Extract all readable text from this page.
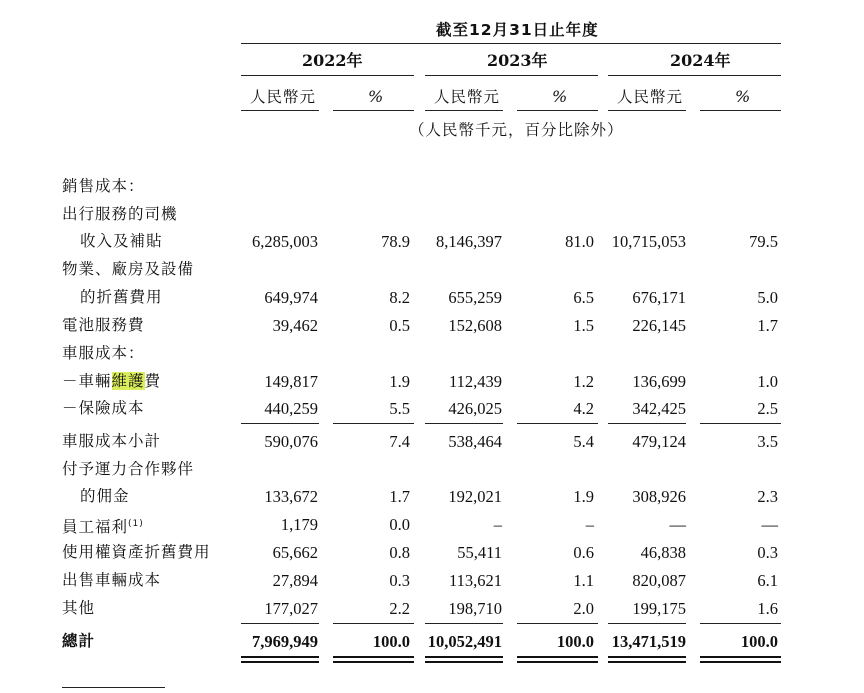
截至12月31日止年度
2022年	2023年	2024年
人民幣元	%	人民幣元	%	人民幣元	%
（人民幣千元，百分比除外）
銷售成本：
出行服務的司機
收入及補貼	6,285,003	78.9 8,146,397	81.0 10,715,053	79.5
物業、廠房及設備
的折舊費用	649,974	8.2 655,259	6.5 676,171	5.0
電池服務費	39,462	0.5 152,608	1.5 226,145	1.7
車服成本：
－車輛維護費	149,817	1.9 112,439	1.2 136,699	1.0
－保險成本	440,259	5.5 426,025	4.2 342,425	2.5
車服成本小計	590,076	7.4 538,464	5.4 479,124	3.5
付予運力合作夥伴
的佣金	133,672	1.7 192,021	1.9 308,926	2.3
員工福利$^{(1)}$	1,179	0.0	–	–	—	—
使用權資產折舊費用	65,662	0.8	55,411	0.6	46,838	0.3
出售車輛成本	27,894	0.3 113,621	1.1 820,087	6.1
其他	177,027	2.2 198,710	2.0 199,175	1.6
總計	7,969,949	100.0 10,052,491	100.0 13,471,519	100.0
